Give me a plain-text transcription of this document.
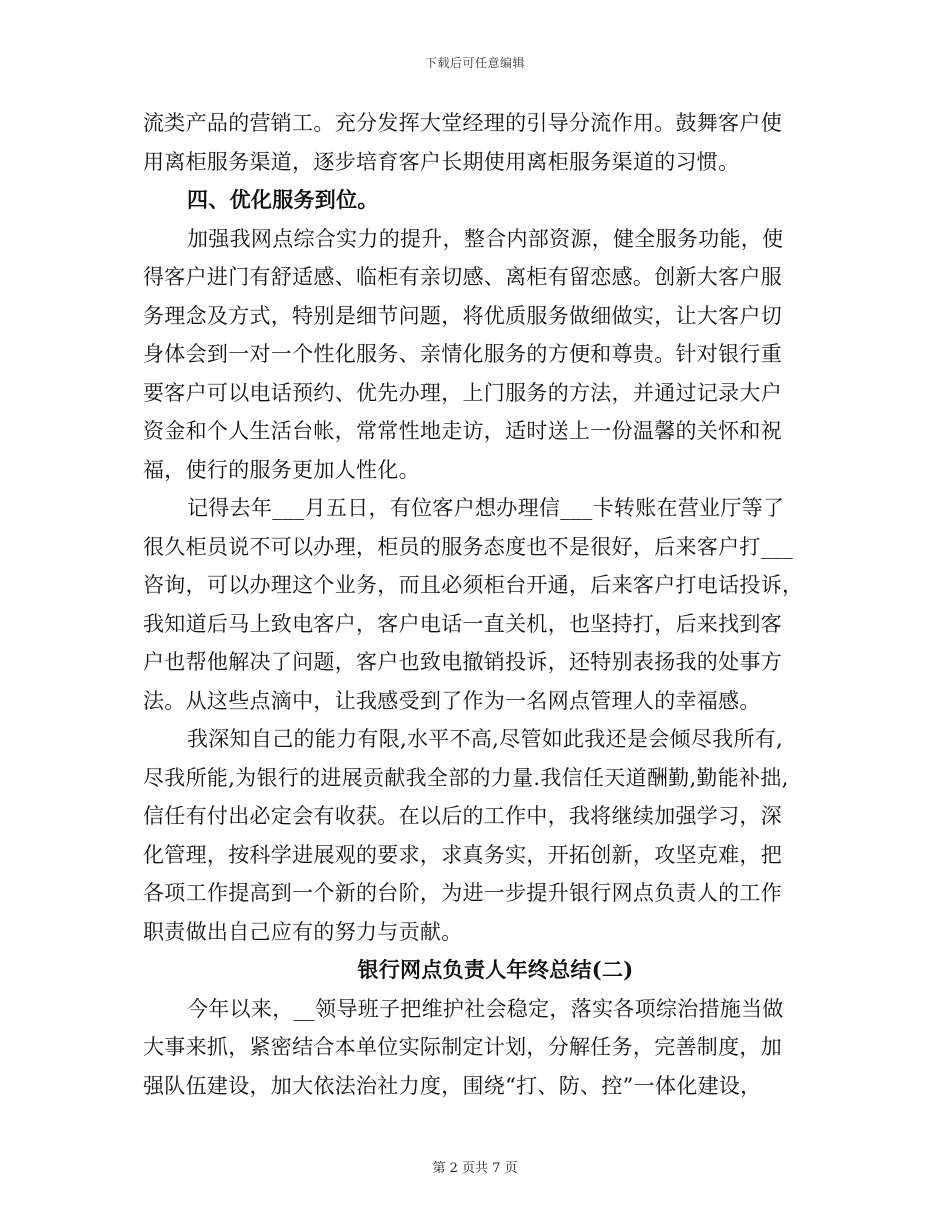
下载后可任意编辑
流类产品的营销工。充分发挥大堂经理的引导分流作用。鼓舞客户使
用离柜服务渠道，逐步培育客户长期使用离柜服务渠道的习惯。
四、优化服务到位。
加强我网点综合实力的提升，整合内部资源，健全服务功能，使
得客户进门有舒适感、临柜有亲切感、离柜有留恋感。创新大客户服
务理念及方式，特别是细节问题，将优质服务做细做实，让大客户切
身体会到一对一个性化服务、亲情化服务的方便和尊贵。针对银行重
要客户可以电话预约、优先办理，上门服务的方法，并通过记录大户
资金和个人生活台帐，常常性地走访，适时送上一份温馨的关怀和祝
福，使行的服务更加人性化。
记得去年___月五日，有位客户想办理信___卡转账在营业厅等了
很久柜员说不可以办理，柜员的服务态度也不是很好，后来客户打___
咨询，可以办理这个业务，而且必须柜台开通，后来客户打电话投诉，
我知道后马上致电客户，客户电话一直关机，也坚持打，后来找到客
户也帮他解决了问题，客户也致电撤销投诉，还特别表扬我的处事方
法。从这些点滴中，让我感受到了作为一名网点管理人的幸福感。
我深知自己的能力有限,水平不高,尽管如此我还是会倾尽我所有,
尽我所能,为银行的进展贡献我全部的力量.我信任天道酬勤,勤能补拙,
信任有付出必定会有收获。在以后的工作中，我将继续加强学习，深
化管理，按科学进展观的要求，求真务实，开拓创新，攻坚克难，把
各项工作提高到一个新的台阶，为进一步提升银行网点负责人的工作
职责做出自己应有的努力与贡献。
银行网点负责人年终总结(二)
今年以来，__领导班子把维护社会稳定，落实各项综治措施当做
大事来抓，紧密结合本单位实际制定计划，分解任务，完善制度，加
强队伍建设，加大依法治社力度，围绕“打、防、控”一体化建设，
第 2 页共 7 页
